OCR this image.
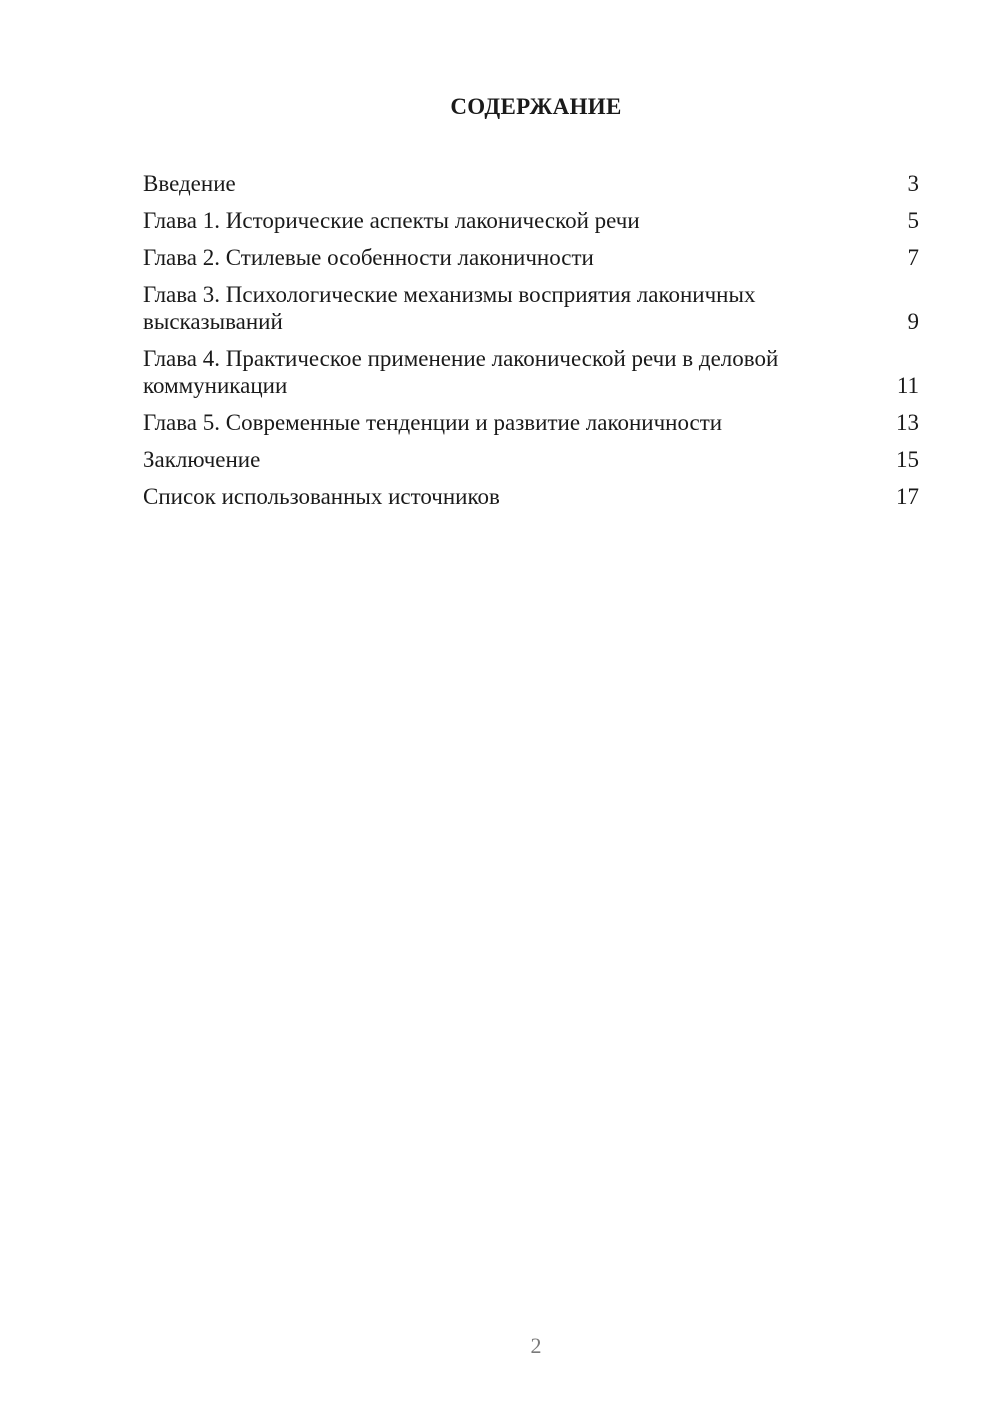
СОДЕРЖАНИЕ
Введение	3
Глава 1. Исторические аспекты лаконической речи	5
Глава 2. Стилевые особенности лаконичности	7
Глава 3. Психологические механизмы восприятия лаконичных высказываний	9
Глава 4. Практическое применение лаконической речи в деловой коммуникации	11
Глава 5. Современные тенденции и развитие лаконичности	13
Заключение	15
Список использованных источников	17
2
